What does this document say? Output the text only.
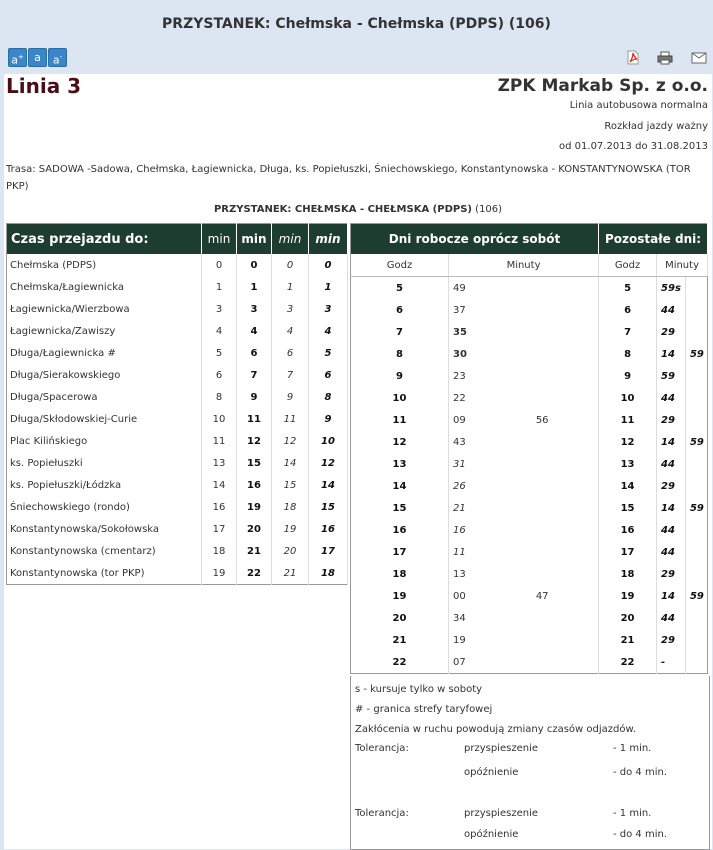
PRZYSTANEK: Chełmska - Chełmska (PDPS) (106)
a+ a	a-
Linia 3	ZPK Markab Sp. z o.o.
Linia autobusowa normalna
Rozkład jazdy ważny
od 01.07.2013 do 31.08.2013
Trasa: SADOWA -Sadowa, Chełmska, Łagiewnicka, Długa, ks. Popiełuszki, Śniechowskiego, Konstantynowska - KONSTANTYNOWSKA (TOR PKP)
PRZYSTANEK: CHEŁMSKA - CHEŁMSKA (PDPS) (106)
Czas przejazdu do:	min	min	min	min
Chełmska (PDPS)	0	0	0	0
Chełmska/Łagiewnicka	1	1	1	1
Łagiewnicka/Wierzbowa	3	3	3	3
Łagiewnicka/Zawiszy	4	4	4	4
Długa/Łagiewnicka #	5	6	6	5
Długa/Sierakowskiego	6	7	7	6
Długa/Spacerowa	8	9	9	8
Długa/Skłodowskiej-Curie	10	11	11	9
Plac Kilińskiego	11	12	12	10
ks. Popiełuszki	13	15	14	12
ks. Popiełuszki/Łódzka	14	16	15	14
Śniechowskiego (rondo)	16	19	18	15
Konstantynowska/Sokołowska	17	20	19	16
Konstantynowska (cmentarz)	18	21	20	17
Konstantynowska (tor PKP)	19	22	21	18
Dni robocze oprócz sobót			Pozostałe dni:		
Godz	Minuty		Godz	Minuty	
5	49		5	59s	
6	37		6	44	
7	35		7	29	
8	30		8	14	59
9	23		9	59	
10	22		10	44	
11	09	56	11	29	
12	43		12	14	59
13	31		13	44	
14	26		14	29	
15	21		15	14	59
16	16		16	44	
17	11		17	44	
18	13		18	29	
19	00	47	19	14	59
20	34		20	44	
21	19		21	29	
22	07		22	-	
s - kursuje tylko w soboty
# - granica strefy taryfowej
Zakłócenia w ruchu powodują zmiany czasów odjazdów.
Tolerancja:	przyspieszenie	- 1 min.
opóźnienie	- do 4 min.
Tolerancja:	przyspieszenie	- 1 min.
opóźnienie	- do 4 min.
